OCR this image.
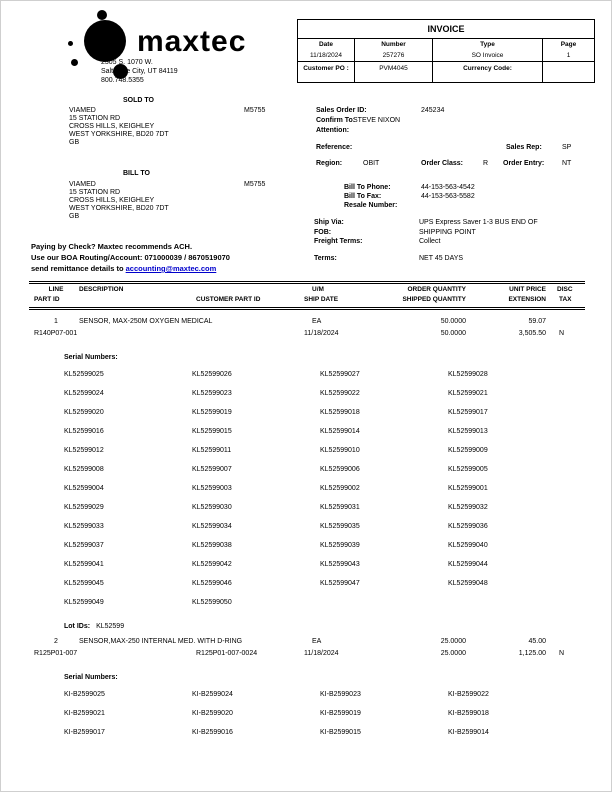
maxtec
2305 S. 1070 W.
Salt Lake City, UT 84119
800.748.5355
INVOICE
Date	Number	Type	Page
11/18/2024	257276	SO Invoice	1
Customer PO :	PVM4045	Currency Code:
SOLD TO
VIAMED	M5755
15 STATION RD
CROSS HILLS, KEIGHLEY
WEST YORKSHIRE, BD20 7DT
GB
BILL TO
VIAMED	M5755
15 STATION RD
CROSS HILLS, KEIGHLEY
WEST YORKSHIRE, BD20 7DT
GB
Sales Order ID:	245234
Confirm To:
STEVE NIXON
Attention:
Reference:	Sales Rep:	SP
Region:	OBIT	Order Class:	R Order Entry:	NT
Bill To Phone:	44-153-563-4542
Bill To Fax:	44-153-563-5582
Resale Number:
Ship Via:	UPS Express Saver 1-3 BUS END OF
FOB:	SHIPPING POINT
Freight Terms:	Collect
Terms:	NET 45 DAYS
Paying by Check? Maxtec recommends ACH.
Use our BOA Routing/Account: 071000039 / 8670519070
send remittance details to accounting@maxtec.com
LINE	DESCRIPTION	U/M	ORDER QUANTITY	UNIT PRICE DISC
PART ID	CUSTOMER PART ID	SHIP DATE	SHIPPED QUANTITY	EXTENSION TAX
1	SENSOR, MAX-250M OXYGEN MEDICAL	EA	50.0000	59.07
R140P07-001	11/18/2024	50.0000	3,505.50 N
Serial Numbers:
KL52599025	KL52599026	KL52599027	KL52599028
KL52599024	KL52599023	KL52599022	KL52599021
KL52599020	KL52599019	KL52599018	KL52599017
KL52599016	KL52599015	KL52599014	KL52599013
KL52599012	KL52599011	KL52599010	KL52599009
KL52599008	KL52599007	KL52599006	KL52599005
KL52599004	KL52599003	KL52599002	KL52599001
KL52599029	KL52599030	KL52599031	KL52599032
KL52599033	KL52599034	KL52599035	KL52599036
KL52599037	KL52599038	KL52599039	KL52599040
KL52599041	KL52599042	KL52599043	KL52599044
KL52599045	KL52599046	KL52599047	KL52599048
KL52599049	KL52599050
Lot IDs: KL52599
2	SENSOR,MAX-250 INTERNAL MED. WITH D-RING	EA	25.0000	45.00
R125P01-007	R125P01-007-0024	11/18/2024	25.0000	1,125.00 N
Serial Numbers:
KI-B2599025	KI-B2599024	KI-B2599023	KI-B2599022
KI-B2599021	KI-B2599020	KI-B2599019	KI-B2599018
KI-B2599017	KI-B2599016	KI-B2599015	KI-B2599014
